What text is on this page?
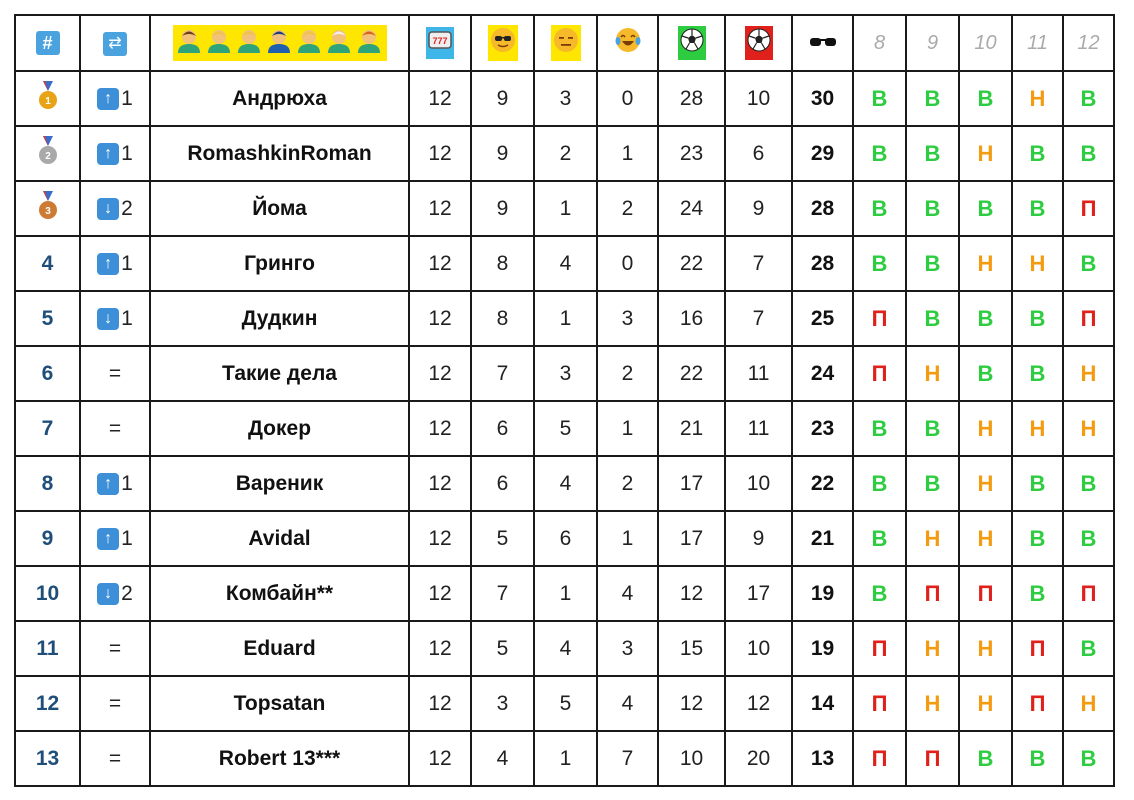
#	⇄		777							8	9	10	11	12

1	↑ 1	Андрюха	12	9	3	0	28	10	30	В	В	В	Н	В

2	↑ 1	RomashkinRoman	12	9	2	1	23	6	29	В	В	Н	В	В

3	↓ 2	Йома	12	9	1	2	24	9	28	В	В	В	В	П
4	↑ 1	Гринго	12	8	4	0	22	7	28	В	В	Н	Н	В
5	↓ 1	Дудкин	12	8	1	3	16	7	25	П	В	В	В	П
6	=	Такие дела	12	7	3	2	22	11	24	П	Н	В	В	Н
7	=	Докер	12	6	5	1	21	11	23	В	В	Н	Н	Н
8	↑ 1	Вареник	12	6	4	2	17	10	22	В	В	Н	В	В
9	↑ 1	Avidal	12	5	6	1	17	9	21	В	Н	Н	В	В
10	↓ 2	Комбайн**	12	7	1	4	12	17	19	В	П	П	В	П
11	=	Eduard	12	5	4	3	15	10	19	П	Н	Н	П	В
12	=	Topsatan	12	3	5	4	12	12	14	П	Н	Н	П	Н
13	=	Robert 13***	12	4	1	7	10	20	13	П	П	В	В	В
